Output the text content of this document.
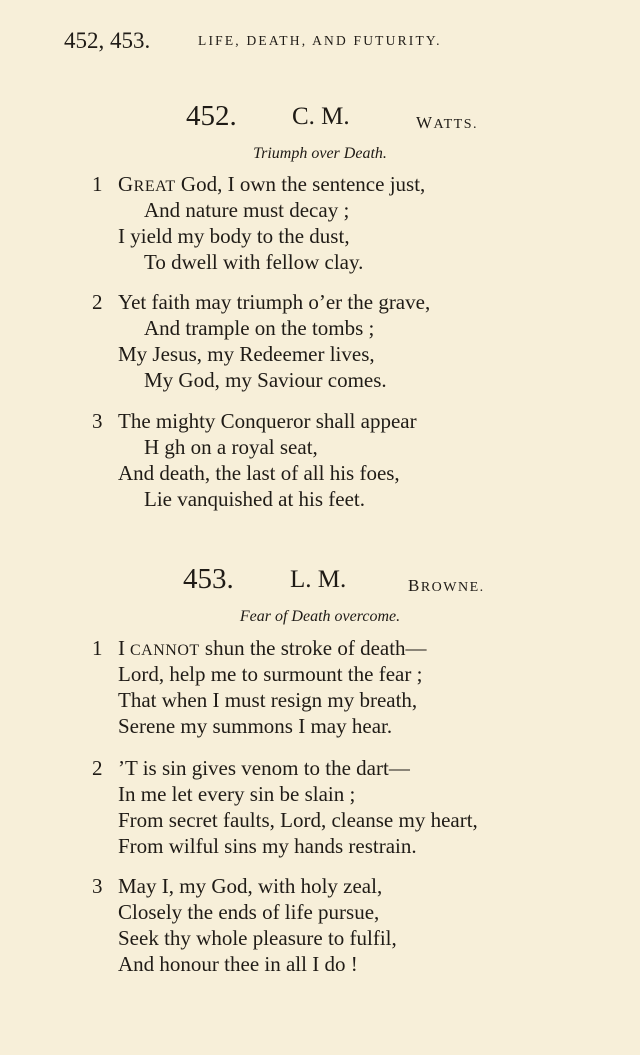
452, 453.	LIFE, DEATH, AND FUTURITY.
452. C. M.	WATTS.
Triumph over Death.
1 GREAT God, I own the sentence just,
And nature must decay ;
I yield my body to the dust,
To dwell with fellow clay.
2 Yet faith may triumph o’er the grave,
And trample on the tombs ;
My Jesus, my Redeemer lives,
My God, my Saviour comes.
3 The mighty Conqueror shall appear
H gh on a royal seat,
And death, the last of all his foes,
Lie vanquished at his feet.
453. L. M.	BROWNE.
Fear of Death overcome.
1 I CANNOT shun the stroke of death—
Lord, help me to surmount the fear ;
That when I must resign my breath,
Serene my summons I may hear.
2 ’T is sin gives venom to the dart—
In me let every sin be slain ;
From secret faults, Lord, cleanse my heart,
From wilful sins my hands restrain.
3 May I, my God, with holy zeal,
Closely the ends of life pursue,
Seek thy whole pleasure to fulfil,
And honour thee in all I do !
